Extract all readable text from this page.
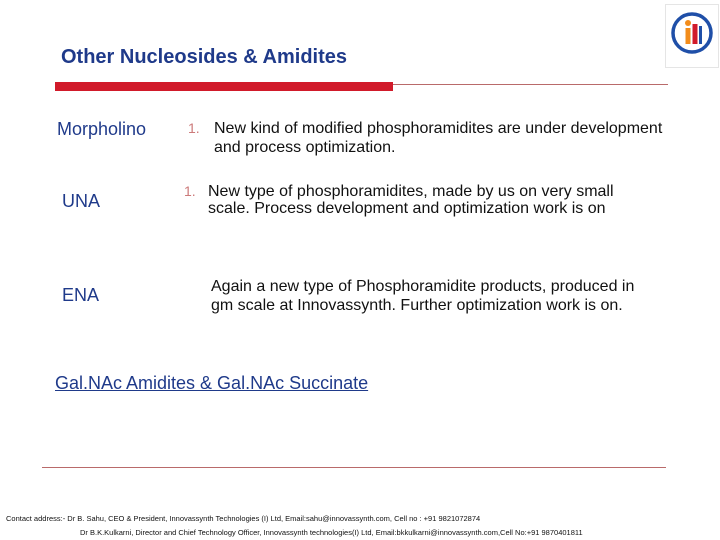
Other Nucleosides & Amidites
Morpholino	1. New kind of modified phosphoramidites are under development and process optimization.
UNA	1. New type of phosphoramidites, made by us on very small scale. Process development and optimization work is on
ENA	Again a new type of Phosphoramidite products, produced in gm scale at Innovassynth. Further optimization work is on.
Gal.NAc Amidites & Gal.NAc Succinate
Contact address:- Dr B. Sahu, CEO & President, Innovassynth Technologies (I) Ltd, Email:sahu@innovassynth.com, Cell no : +91 9821072874
Dr B.K.Kulkarni, Director and Chief Technology Officer, Innovassynth technologies(I) Ltd, Email:bkkulkarni@innovassynth.com,Cell No:+91 9870401811
